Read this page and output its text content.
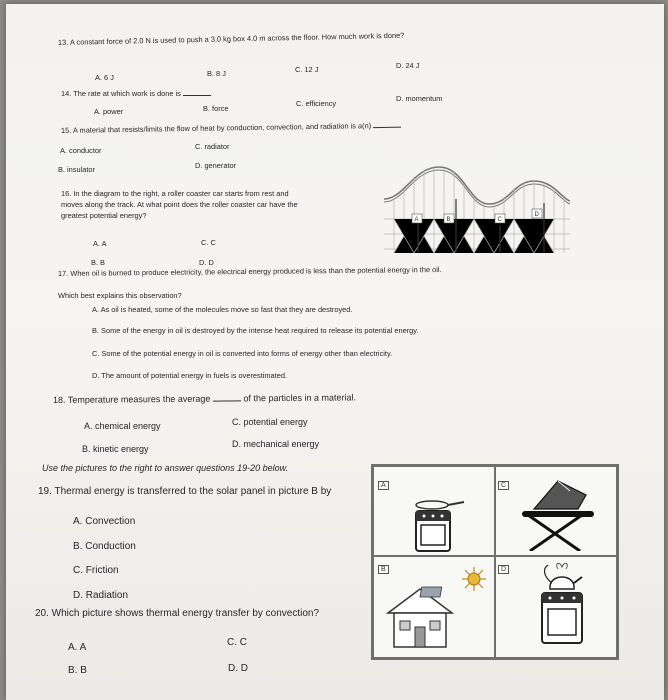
13. A constant force of 2.0 N is used to push a 3.0 kg box 4.0 m across the floor. How much work is done?
A. 6 J	B. 8 J	C. 12 J	D. 24 J
14. The rate at which work is done is
A. power	B. force
C. efficiency
D. momentum
15. A material that resists/limits the flow of heat by conduction, convection, and radiation is a(n)
A. conductor	C. radiator
B. insulator	D. generator
16. In the diagram to the right, a roller coaster car starts from rest and
moves along the track. At what point does the roller coaster car have the
greatest potential energy?
A. A	C. C
B. B	D. D
A	B	C
D
17. When oil is burned to produce electricity, the electrical energy produced is less than the potential energy in the oil.
Which best explains this observation?
A. As oil is heated, some of the molecules move so fast that they are destroyed.
B. Some of the energy in oil is destroyed by the intense heat required to release its potential energy.
C. Some of the potential energy in oil is converted into forms of energy other than electricity.
D. The amount of potential energy in fuels is overestimated.
18. Temperature measures the average	of the particles in a material.
A. chemical energy	C. potential energy
B. kinetic energy	D. mechanical energy
Use the pictures to the right to answer questions 19-20 below.
19. Thermal energy is transferred to the solar panel in picture B by
A. Convection
B. Conduction
C. Friction
D. Radiation
20. Which picture shows thermal energy transfer by convection?
A. A	C. C
B. B	D. D
A
B
C
D
